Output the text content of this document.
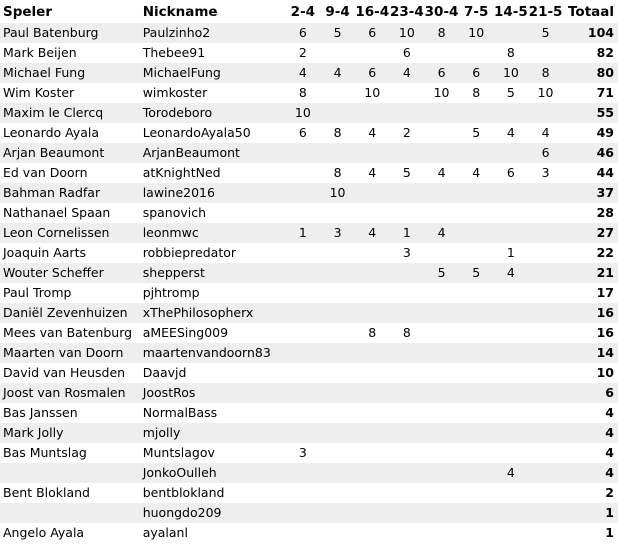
Speler	Nickname	2-4	9-4	16-4	23-4	30-4	7-5	14-5	21-5	Totaal
Paul Batenburg	Paulzinho2	6	5	6	10	8	10		5	104
Mark Beijen	Thebee91	2			6			8		82
Michael Fung	MichaelFung	4	4	6	4	6	6	10	8	80
Wim Koster	wimkoster	8		10		10	8	5	10	71
Maxim le Clercq	Torodeboro	10								55
Leonardo Ayala	LeonardoAyala50	6	8	4	2		5	4	4	49
Arjan Beaumont	ArjanBeaumont								6	46
Ed van Doorn	atKnightNed		8	4	5	4	4	6	3	44
Bahman Radfar	lawine2016		10							37
Nathanael Spaan	spanovich									28
Leon Cornelissen	leonmwc	1	3	4	1	4				27
Joaquin Aarts	robbiepredator				3			1		22
Wouter Scheffer	shepperst					5	5	4		21
Paul Tromp	pjhtromp									17
Daniël Zevenhuizen	xThePhilosopherx									16
Mees van Batenburg	aMEESing009			8	8					16
Maarten van Doorn	maartenvandoorn83									14
David van Heusden	Daavjd									10
Joost van Rosmalen	JoostRos									6
Bas Janssen	NormalBass									4
Mark Jolly	mjolly									4
Bas Muntslag	Muntslagov	3								4
	JonkoOulleh							4		4
Bent Blokland	bentblokland									2
	huongdo209									1
Angelo Ayala	ayalanl									1
